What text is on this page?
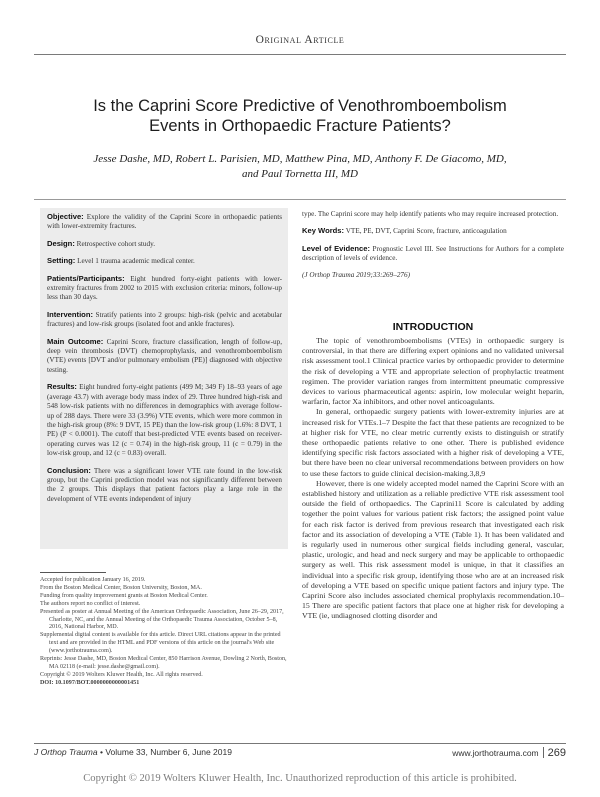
Original Article
Is the Caprini Score Predictive of Venothromboembolism
Events in Orthopaedic Fracture Patients?
Jesse Dashe, MD, Robert L. Parisien, MD, Matthew Pina, MD, Anthony F. De Giacomo, MD,
and Paul Tornetta III, MD

Objective: Explore the validity of the Caprini Score in orthopaedic patients with lower-extremity fractures.

Design: Retrospective cohort study.

Setting: Level 1 trauma academic medical center.

Patients/Participants: Eight hundred forty-eight patients with lower-extremity fractures from 2002 to 2015 with exclusion criteria: minors, follow-up less than 30 days.

Intervention: Stratify patients into 2 groups: high-risk (pelvic and acetabular fractures) and low-risk groups (isolated foot and ankle fractures).

Main Outcome: Caprini Score, fracture classification, length of follow-up, deep vein thrombosis (DVT) chemoprophylaxis, and venothromboembolism (VTE) events [DVT and/or pulmonary embolism (PE)] diagnosed with objective testing.

Results: Eight hundred forty-eight patients (499 M; 349 F) 18–93 years of age (average 43.7) with average body mass index of 29. Three hundred high-risk and 548 low-risk patients with no differences in demographics with average follow-up of 288 days. There were 33 (3.9%) VTE events, which were more common in the high-risk group (8%: 9 DVT, 15 PE) than the low-risk group (1.6%: 8 DVT, 1 PE) (P < 0.0001). The cutoff that best-predicted VTE events based on receiver-operating curves was 12 (c = 0.74) in the high-risk group, 11 (c = 0.79) in the low-risk group, and 12 (c = 0.83) overall.

Conclusion: There was a significant lower VTE rate found in the low-risk group, but the Caprini prediction model was not significantly different between the 2 groups. This displays that patient factors play a large role in the development of VTE events independent of injury

type. The Caprini score may help identify patients who may require increased protection.

Key Words: VTE, PE, DVT, Caprini Score, fracture, anticoagulation

Level of Evidence: Prognostic Level III. See Instructions for Authors for a complete description of levels of evidence.

(J Orthop Trauma 2019;33:269–276)

INTRODUCTION

The topic of venothromboembolisms (VTEs) in orthopaedic surgery is controversial, in that there are differing expert opinions and no validated universal risk assessment tool.1 Clinical practice varies by orthopaedic provider to determine the risk of developing a VTE and appropriate selection of prophylactic treatment regimen. The provider variation ranges from intermittent pneumatic compressive devices to various pharmaceutical agents: aspirin, low molecular weight heparin, warfarin, factor Xa inhibitors, and other novel anticoagulants.

In general, orthopaedic surgery patients with lower-extremity injuries are at increased risk for VTEs.1–7 Despite the fact that these patients are recognized to be at higher risk for VTE, no clear metric currently exists to distinguish or stratify these orthopaedic patients relative to one other. There is published evidence identifying specific risk factors associated with a higher risk of developing a VTE, but there have been no clear universal recommendations between providers on how to use these factors to guide clinical decision-making.3,8,9

However, there is one widely accepted model named the Caprini Score with an established history and utilization as a reliable predictive VTE risk assessment tool outside the field of orthopaedics. The Caprini11 Score is calculated by adding together the point values for various patient risk factors; the assigned point value for each risk factor is derived from previous research that investigated each risk factor and its association of developing a VTE (Table 1). It has been validated and is regularly used in numerous other surgical fields including general, vascular, plastic, urologic, and head and neck surgery and may be applicable to orthopaedic surgery as well. This risk assessment model is unique, in that it classifies an individual into a specific risk group, identifying those who are at an increased risk of developing a VTE based on specific unique patient factors and injury type. The Caprini Score also includes associated chemical prophylaxis recommendation.10–15 There are specific patient factors that place one at higher risk for developing a VTE (ie, undiagnosed clotting disorder and

Accepted for publication January 16, 2019.

From the Boston Medical Center, Boston University, Boston, MA.

Funding from quality improvement grants at Boston Medical Center.

The authors report no conflict of interest.

Presented as poster at Annual Meeting of the American Orthopaedic Association, June 26–29, 2017, Charlotte, NC, and the Annual Meeting of the Orthopaedic Trauma Association, October 5–8, 2016, National Harbor, MD.

Supplemental digital content is available for this article. Direct URL citations appear in the printed text and are provided in the HTML and PDF versions of this article on the journal's Web site (www.jorthotrauma.com).

Reprints: Jesse Dashe, MD, Boston Medical Center, 850 Harrison Avenue, Dowling 2 North, Boston, MA 02118 (e-mail: jesse.dashe@gmail.com).

Copyright © 2019 Wolters Kluwer Health, Inc. All rights reserved.

DOI: 10.1097/BOT.0000000000001451

J Orthop Trauma • Volume 33, Number 6, June 2019	www.jorthotrauma.com 269
Copyright © 2019 Wolters Kluwer Health, Inc. Unauthorized reproduction of this article is prohibited.
